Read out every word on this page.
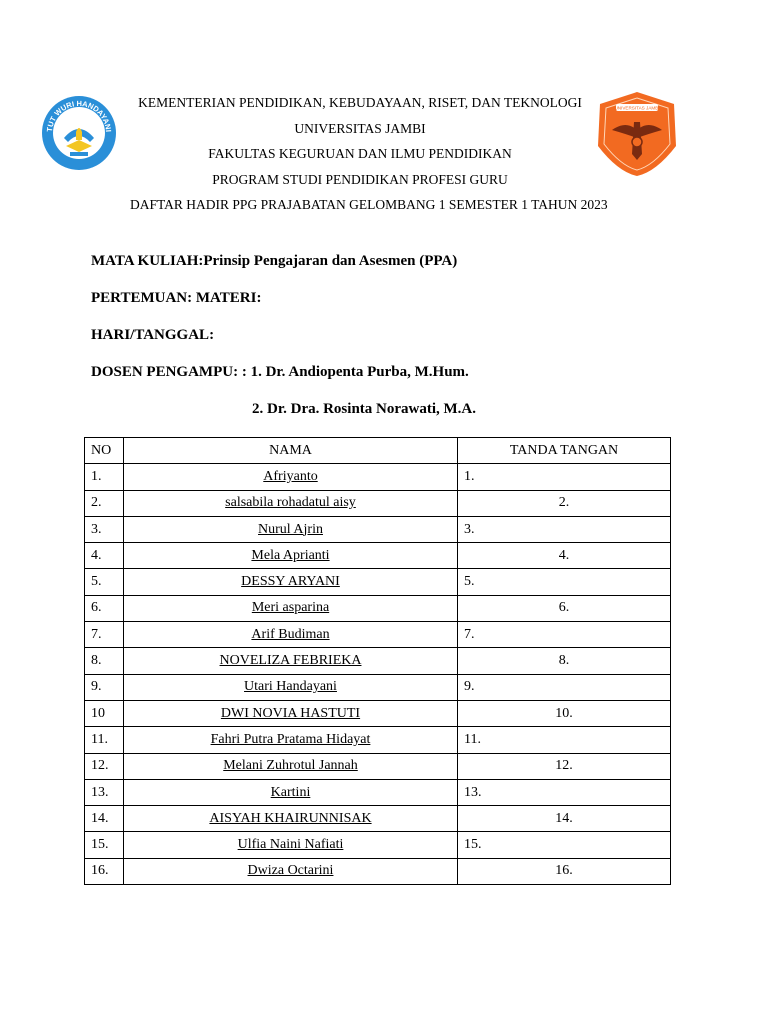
TUT WURI HANDAYANI
KEMENTERIAN PENDIDIKAN, KEBUDAYAAN, RISET, DAN TEKNOLOGI
UNIVERSITAS JAMBI
FAKULTAS KEGURUAN DAN ILMU PENDIDIKAN
PROGRAM STUDI PENDIDIKAN PROFESI GURU
DAFTAR HADIR PPG PRAJABATAN GELOMBANG 1 SEMESTER 1 TAHUN 2023
UNIVERSITAS JAMBI
MATA KULIAH:Prinsip Pengajaran dan Asesmen (PPA)
PERTEMUAN: MATERI:
HARI/TANGGAL:
DOSEN PENGAMPU: : 1. Dr. Andiopenta Purba, M.Hum.
2. Dr. Dra. Rosinta Norawati, M.A.
NO	NAMA	TANDA TANGAN
1.	Afriyanto	1.
2.	salsabila rohadatul aisy	2.
3.	Nurul Ajrin	3.
4.	Mela Aprianti	4.
5.	DESSY ARYANI	5.
6.	Meri asparina	6.
7.	Arif Budiman	7.
8.	NOVELIZA FEBRIEKA	8.
9.	Utari Handayani	9.
10	DWI NOVIA HASTUTI	10.
11.	Fahri Putra Pratama Hidayat	11.
12.	Melani Zuhrotul Jannah	12.
13.	Kartini	13.
14.	AISYAH KHAIRUNNISAK	14.
15.	Ulfia Naini Nafiati	15.
16.	Dwiza Octarini	16.
